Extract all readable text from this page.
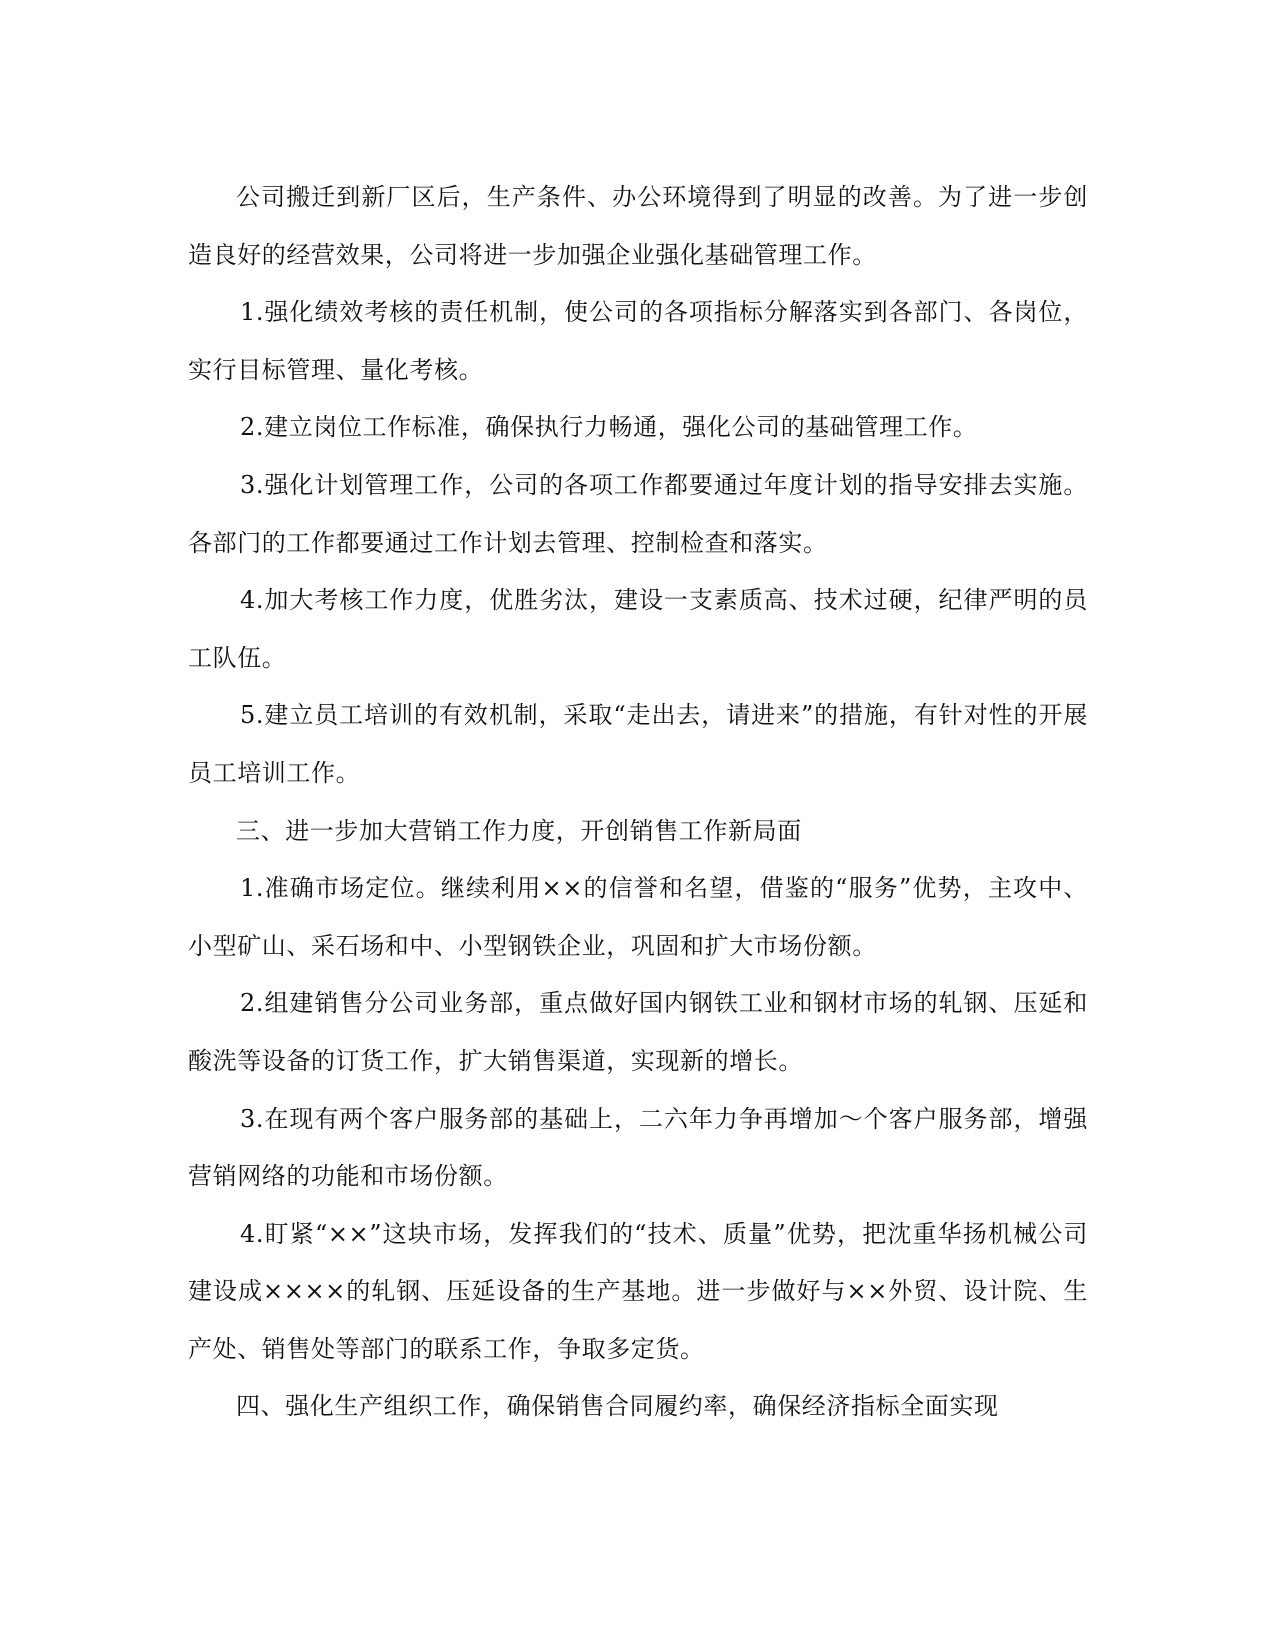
公司搬迁到新厂区后，生产条件、办公环境得到了明显的改善。为了进一步创造良好的经营效果，公司将进一步加强企业强化基础管理工作。

1.强化绩效考核的责任机制，使公司的各项指标分解落实到各部门、各岗位，实行目标管理、量化考核。

2.建立岗位工作标准，确保执行力畅通，强化公司的基础管理工作。

3.强化计划管理工作，公司的各项工作都要通过年度计划的指导安排去实施。各部门的工作都要通过工作计划去管理、控制检查和落实。

4.加大考核工作力度，优胜劣汰，建设一支素质高、技术过硬，纪律严明的员工队伍。

5.建立员工培训的有效机制，采取“走出去，请进来”的措施，有针对性的开展员工培训工作。

三、进一步加大营销工作力度，开创销售工作新局面

1.准确市场定位。继续利用××的信誉和名望，借鉴的“服务”优势，主攻中、小型矿山、采石场和中、小型钢铁企业，巩固和扩大市场份额。

2.组建销售分公司业务部，重点做好国内钢铁工业和钢材市场的轧钢、压延和酸洗等设备的订货工作，扩大销售渠道，实现新的增长。

3.在现有两个客户服务部的基础上，二六年力争再增加～个客户服务部，增强营销网络的功能和市场份额。

4.盯紧“××”这块市场，发挥我们的“技术、质量”优势，把沈重华扬机械公司建设成××××的轧钢、压延设备的生产基地。进一步做好与××外贸、设计院、生产处、销售处等部门的联系工作，争取多定货。

四、强化生产组织工作，确保销售合同履约率，确保经济指标全面实现
